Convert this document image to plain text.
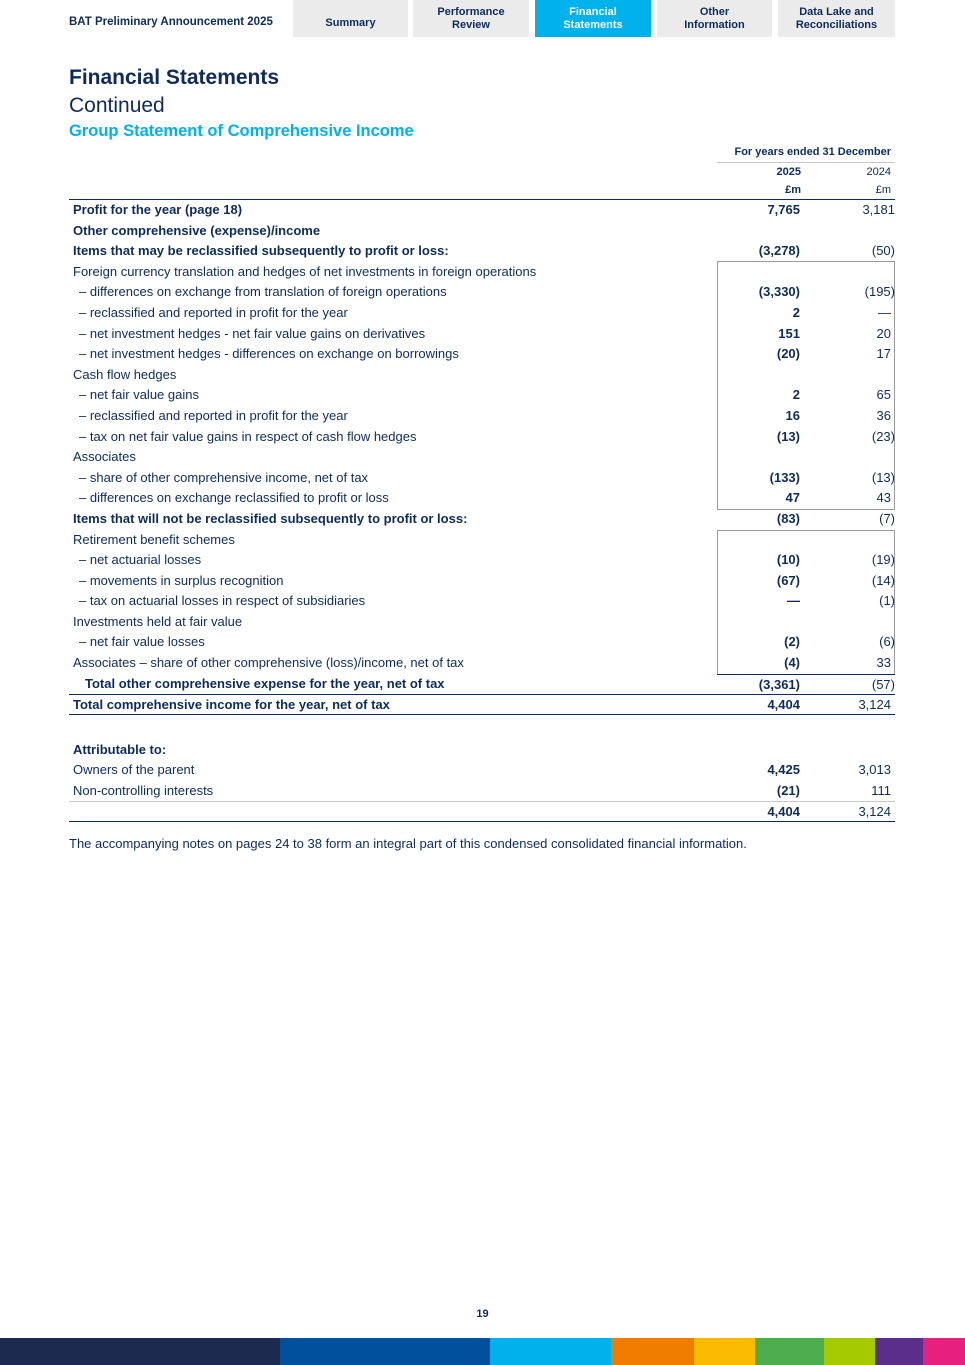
BAT Preliminary Announcement 2025	Summary
Performance
Review
Financial
Statements
Other
Information
Data Lake and
Reconciliations
Financial Statements
Continued
Group Statement of Comprehensive Income
For years ended 31 December
2025	2024
£m	£m
Profit for the year (page 18)	7,765	3,181
Other comprehensive (expense)/income
Items that may be reclassified subsequently to profit or loss:	(3,278)	(50)
Foreign currency translation and hedges of net investments in foreign operations
– differences on exchange from translation of foreign operations	(3,330)	(195)
– reclassified and reported in profit for the year	2	—
– net investment hedges - net fair value gains on derivatives	151	20
– net investment hedges - differences on exchange on borrowings	(20)	17
Cash flow hedges
– net fair value gains	2	65
– reclassified and reported in profit for the year	16	36
– tax on net fair value gains in respect of cash flow hedges	(13)	(23)
Associates
– share of other comprehensive income, net of tax	(133)	(13)
– differences on exchange reclassified to profit or loss	47	43
Items that will not be reclassified subsequently to profit or loss:	(83)	(7)
Retirement benefit schemes
– net actuarial losses	(10)	(19)
– movements in surplus recognition	(67)	(14)
– tax on actuarial losses in respect of subsidiaries	—	(1)
Investments held at fair value
– net fair value losses	(2)	(6)
Associates – share of other comprehensive (loss)/income, net of tax	(4)	33
Total other comprehensive expense for the year, net of tax	(3,361)	(57)
Total comprehensive income for the year, net of tax	4,404	3,124
Attributable to:
Owners of the parent	4,425	3,013
Non-controlling interests	(21)	111
4,404	3,124
The accompanying notes on pages 24 to 38 form an integral part of this condensed consolidated financial information.
19
